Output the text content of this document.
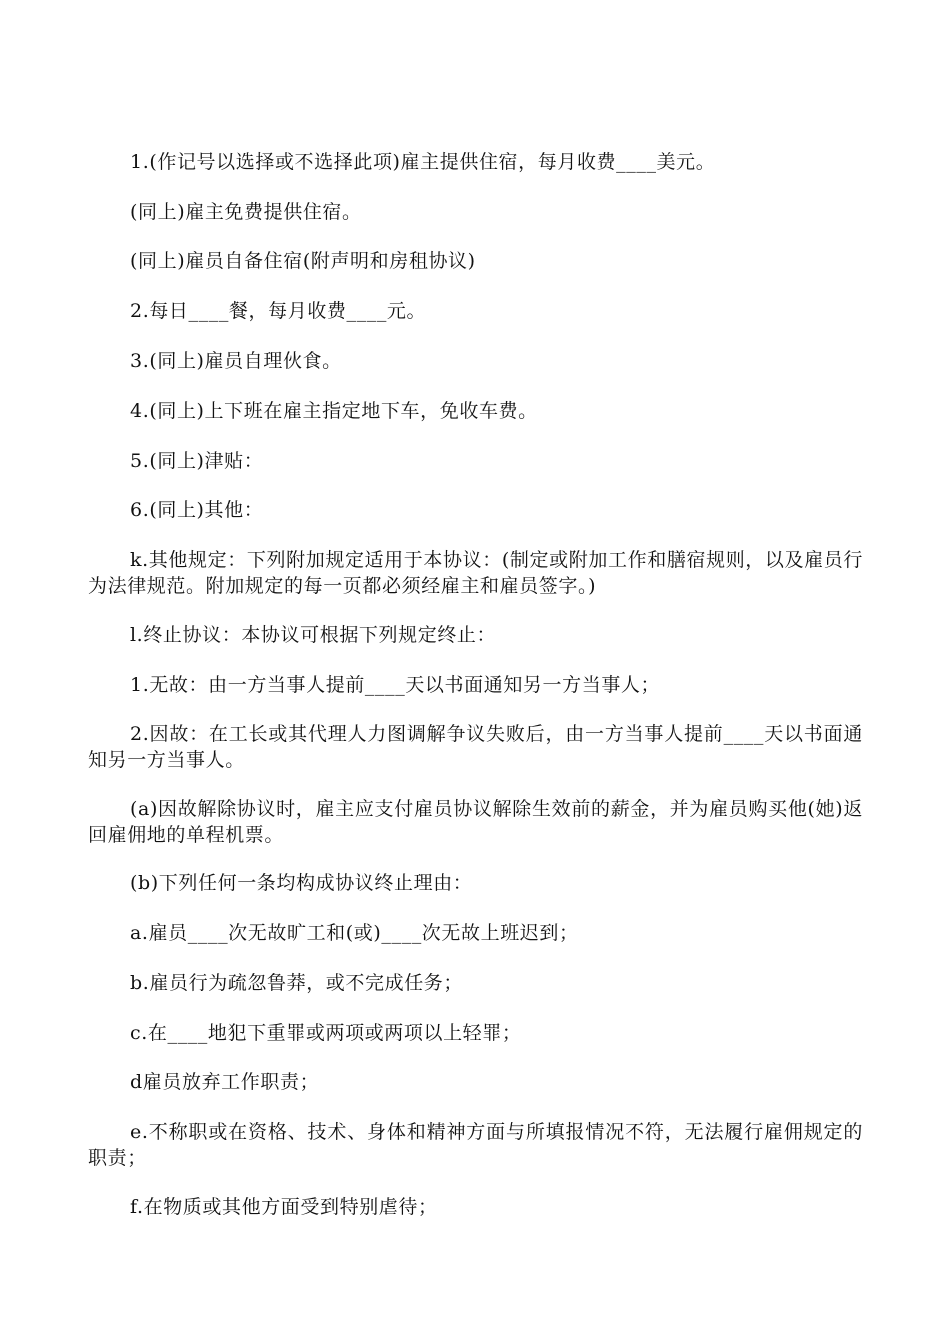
1.(作记号以选择或不选择此项)雇主提供住宿，每月收费____美元。

(同上)雇主免费提供住宿。

(同上)雇员自备住宿(附声明和房租协议)

2.每日____餐，每月收费____元。

3.(同上)雇员自理伙食。

4.(同上)上下班在雇主指定地下车，免收车费。

5.(同上)津贴：

6.(同上)其他：

k.其他规定：下列附加规定适用于本协议：(制定或附加工作和膳宿规则，以及雇员行为法律规范。附加规定的每一页都必须经雇主和雇员签字。)

l.终止协议：本协议可根据下列规定终止：

1.无故：由一方当事人提前____天以书面通知另一方当事人；

2.因故：在工长或其代理人力图调解争议失败后，由一方当事人提前____天以书面通知另一方当事人。

(a)因故解除协议时，雇主应支付雇员协议解除生效前的薪金，并为雇员购买他(她)返回雇佣地的单程机票。

(b)下列任何一条均构成协议终止理由：

a.雇员____次无故旷工和(或)____次无故上班迟到；

b.雇员行为疏忽鲁莽，或不完成任务；

c.在____地犯下重罪或两项或两项以上轻罪；

d雇员放弃工作职责；

e.不称职或在资格、技术、身体和精神方面与所填报情况不符，无法履行雇佣规定的职责；

f.在物质或其他方面受到特别虐待；
